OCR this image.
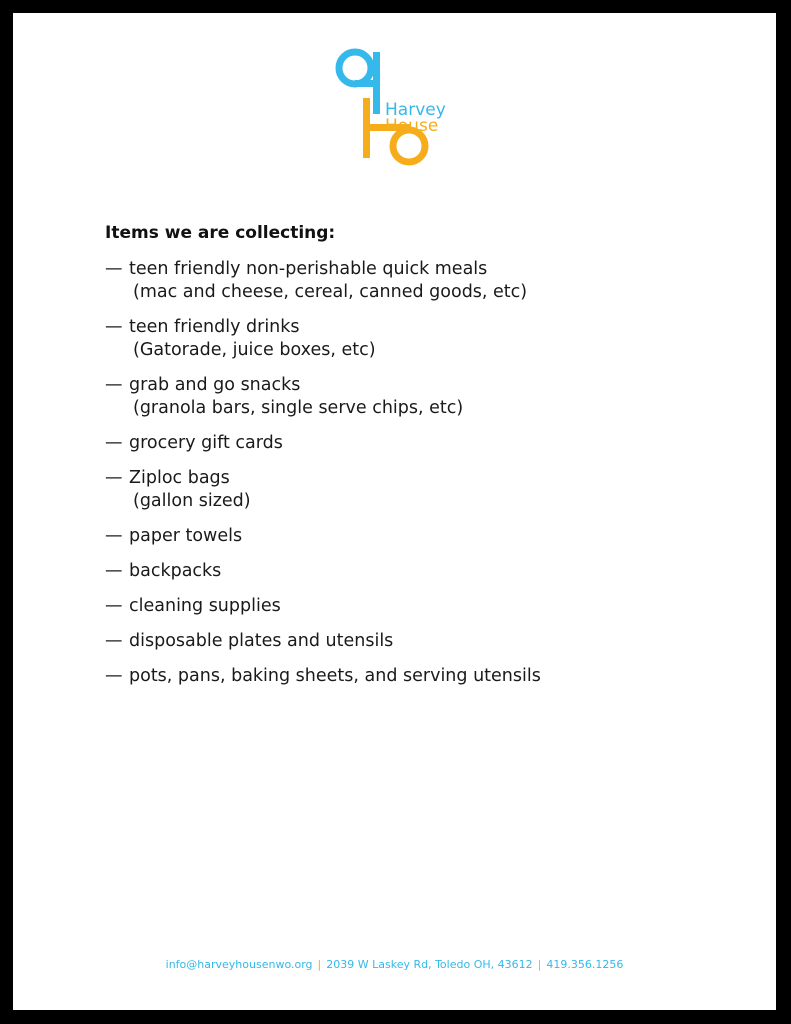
Harvey
House
Items we are collecting:
— teen friendly non-perishable quick meals
(mac and cheese, cereal, canned goods, etc)
— teen friendly drinks
(Gatorade, juice boxes, etc)
— grab and go snacks
(granola bars, single serve chips, etc)
— grocery gift cards
— Ziploc bags
(gallon sized)
— paper towels
— backpacks
— cleaning supplies
— disposable plates and utensils
— pots, pans, baking sheets, and serving utensils
info@harveyhousenwo.org | 2039 W Laskey Rd, Toledo OH, 43612 | 419.356.1256
